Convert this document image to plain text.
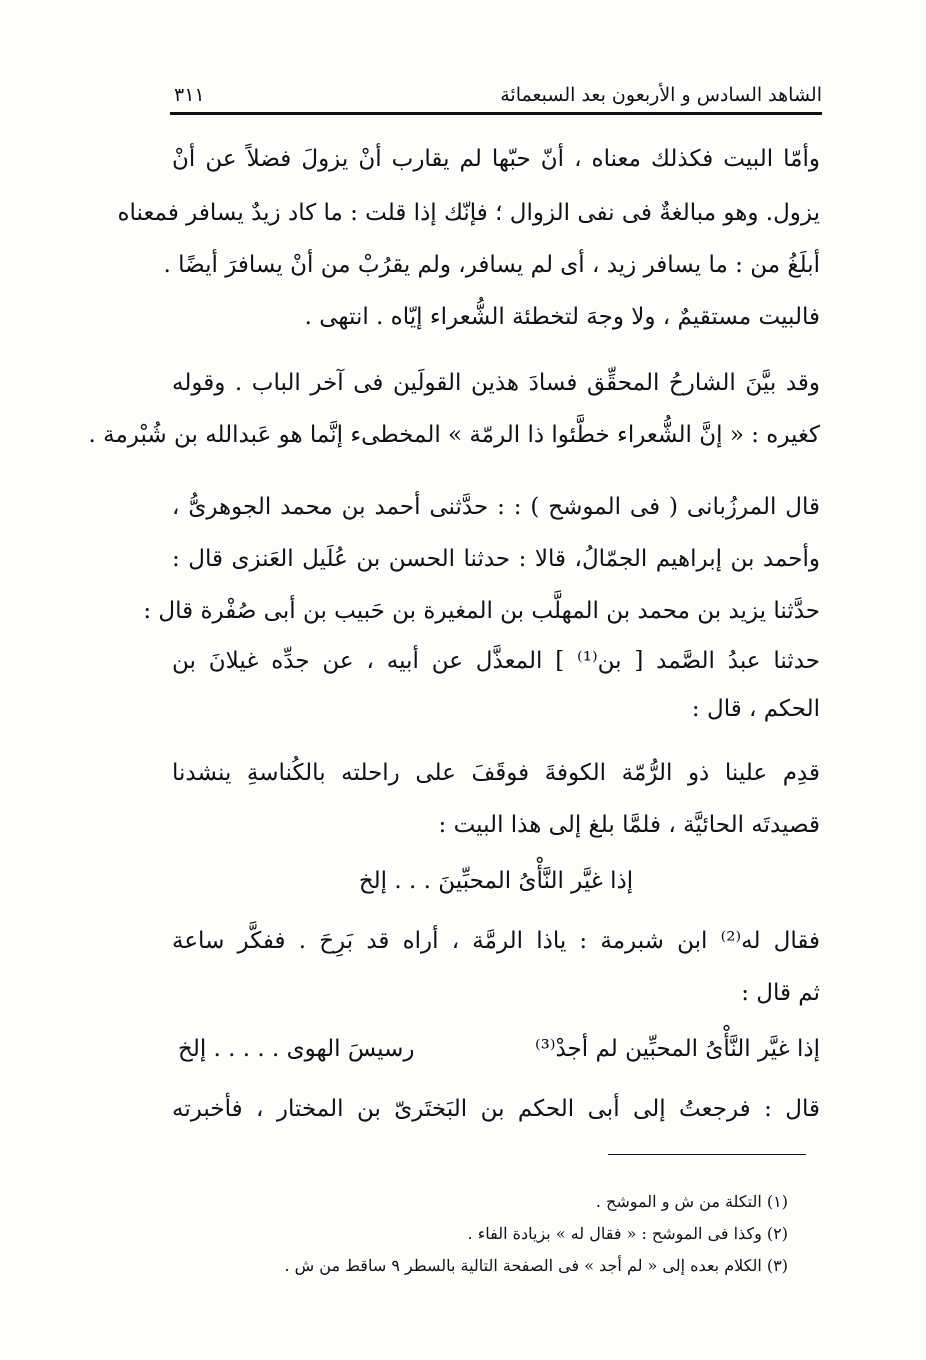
الشاهد السادس و الأربعون بعد السبعمائة
٣١١
وأمّا البيت فكذلك معناه ، أنّ حبّها لم يقارب أنْ يزولَ فضلاً عن أنْ
يزول. وهو مبالغةٌ فى نفى الزوال ؛ فإنّك إذا قلت : ما كاد زيدٌ يسافر فمعناه
أبلَغُ من : ما يسافر زيد ، أى لم يسافر، ولم يقرُبْ من أنْ يسافرَ أيضًا .
فالبيت مستقيمٌ ، ولا وجهَ لتخطئة الشُّعراء إيّاه . انتهى .
وقد بيَّنَ الشارحُ المحقِّق فسادَ هذين القولَين فى آخر الباب . وقوله
كغيره : « إنَّ الشُّعراء خطَّئوا ذا الرمّة » المخطىء إنَّما هو عَبدالله بن شُبْرمة .
قال المرزُبانى ( فى الموشح ) : : حدَّثنى أحمد بن محمد الجوهرىُّ ،
وأحمد بن إبراهيم الجمّالُ، قالا : حدثنا الحسن بن عُلَيل العَنزى قال :
حدَّثنا يزيد بن محمد بن المهلَّب بن المغيرة بن حَبيب بن أبى صُفْرة قال :
حدثنا عبدُ الصَّمد [ بن⁽¹⁾ ] المعذَّل عن أبيه ، عن جدِّه غيلانَ بن
الحكم ، قال :
قدِم علينا ذو الرُّمّة الكوفةَ فوقَفَ على راحلته بالكُناسةِ ينشدنا
قصيدتَه الحائيَّة ، فلمَّا بلغ إلى هذا البيت :
إذا غيَّر النَّأْىُ المحبِّينَ . . . إلخ
فقال له⁽²⁾ ابن شبرمة : ياذا الرمَّة ، أراه قد بَرِحَ . ففكَّر ساعة
ثم قال :
إذا غيَّر النَّأْىُ المحبِّين لم أجدْ⁽³⁾
رسيسَ الهوى . . . . . إلخ
قال : فرجعتُ إلى أبى الحكم بن البَختَرىّ بن المختار ، فأخبرته
(١) التكلة من ش و الموشح .
(٢) وكذا فى الموشح : « فقال له » بزيادة الفاء .
(٣) الكلام بعده إلى « لم أجد » فى الصفحة التالية بالسطر ٩ ساقط من ش .
